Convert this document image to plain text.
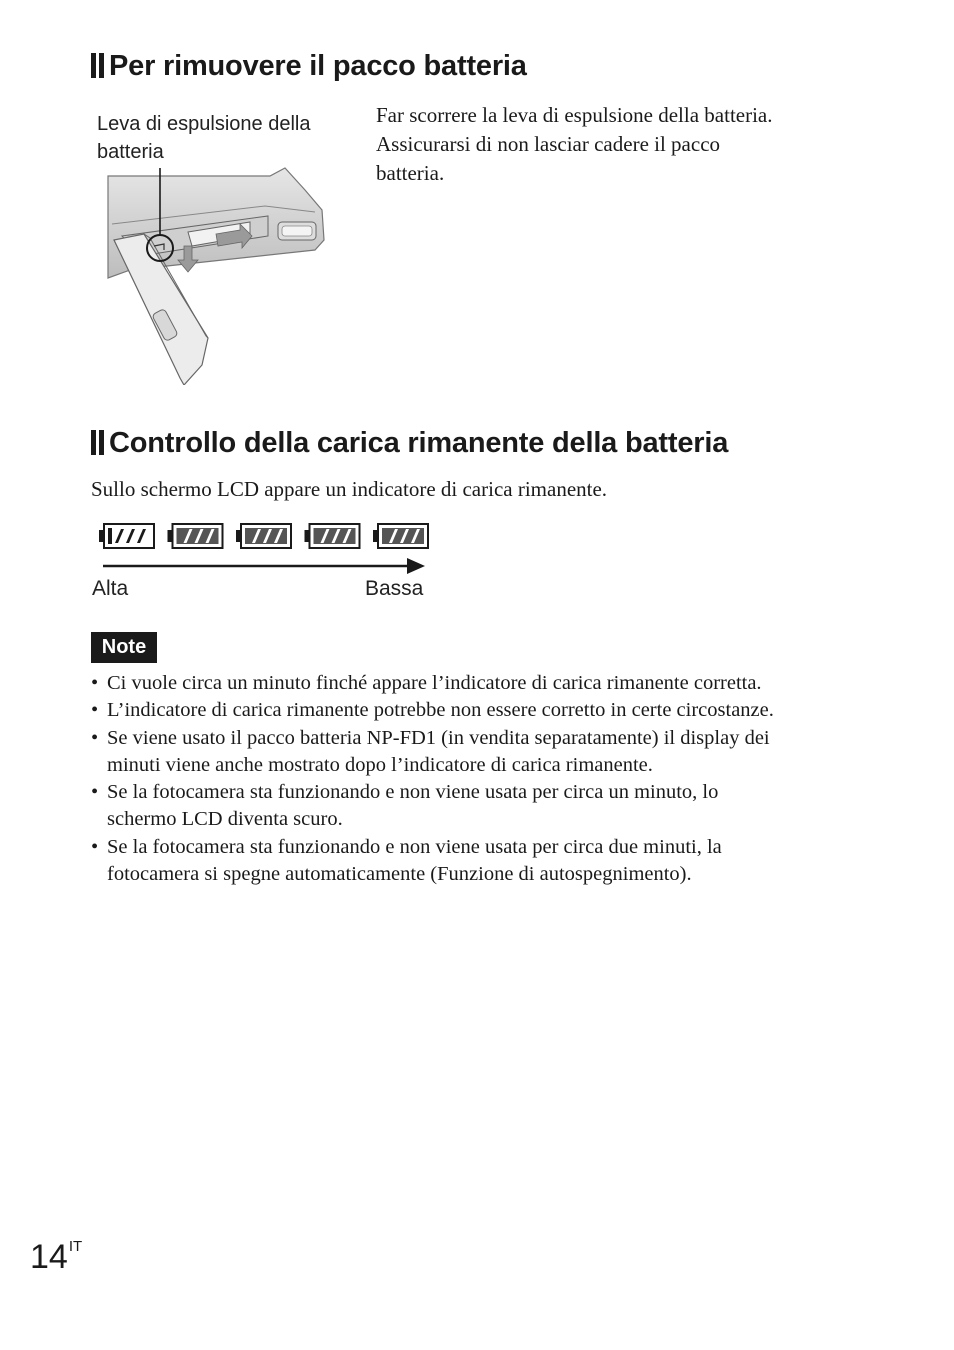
Per rimuovere il pacco batteria
Leva di espulsione della
batteria
Far scorrere la leva di espulsione della batteria.
Assicurarsi di non lasciar cadere il pacco
batteria.
Controllo della carica rimanente della batteria
Sullo schermo LCD appare un indicatore di carica rimanente.
Alta	Bassa
Note
• Ci vuole circa un minuto finché appare l’indicatore di carica rimanente corretta.
• L’indicatore di carica rimanente potrebbe non essere corretto in certe circostanze.
• Se viene usato il pacco batteria NP-FD1 (in vendita separatamente) il display dei
minuti viene anche mostrato dopo l’indicatore di carica rimanente.
• Se la fotocamera sta funzionando e non viene usata per circa un minuto, lo
schermo LCD diventa scuro.
• Se la fotocamera sta funzionando e non viene usata per circa due minuti, la
fotocamera si spegne automaticamente (Funzione di autospegnimento).
$14^{IT}$
